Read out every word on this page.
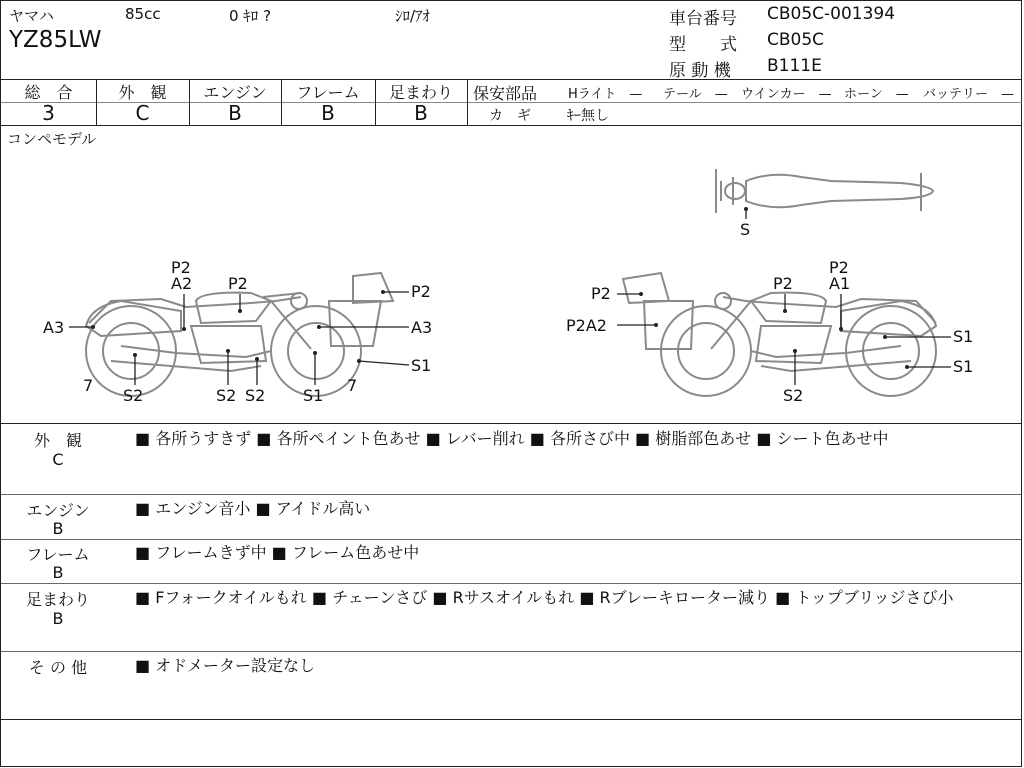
ヤマハ	85cc	0 ｷﾛ ?	ｼﾛ/ｱｵ
YZ85LW
車台番号 CB05C-001394
型　　式 CB05C
原 動 機 B111E
総　合
3
外　観
C
エンジン
B
フレーム
B
足まわり
B
保安部品 Hライト　— テール　— ウインカー　— ホーン　— バッテリー　—
カ　ギ	ｷｰ無し
コンペモデル
P2
A2 P2	P2
A3	A3
S1
7
S2	S2 S2 S1
7
P2
P2A2
P2
P2
A1
S1
S1
S2
S
外　観
C
■ 各所うすきず ■ 各所ペイント色あせ ■ レバー削れ ■ 各所さび中 ■ 樹脂部色あせ ■ シート色あせ中
エンジン
B
■ エンジン音小 ■ アイドル高い
フレーム
B
■ フレームきず中 ■ フレーム色あせ中
足まわり
B
■ Fフォークオイルもれ ■ チェーンさび ■ Rサスオイルもれ ■ Rブレーキローター減り ■ トップブリッジさび小
そ の 他	■ オドメーター設定なし
